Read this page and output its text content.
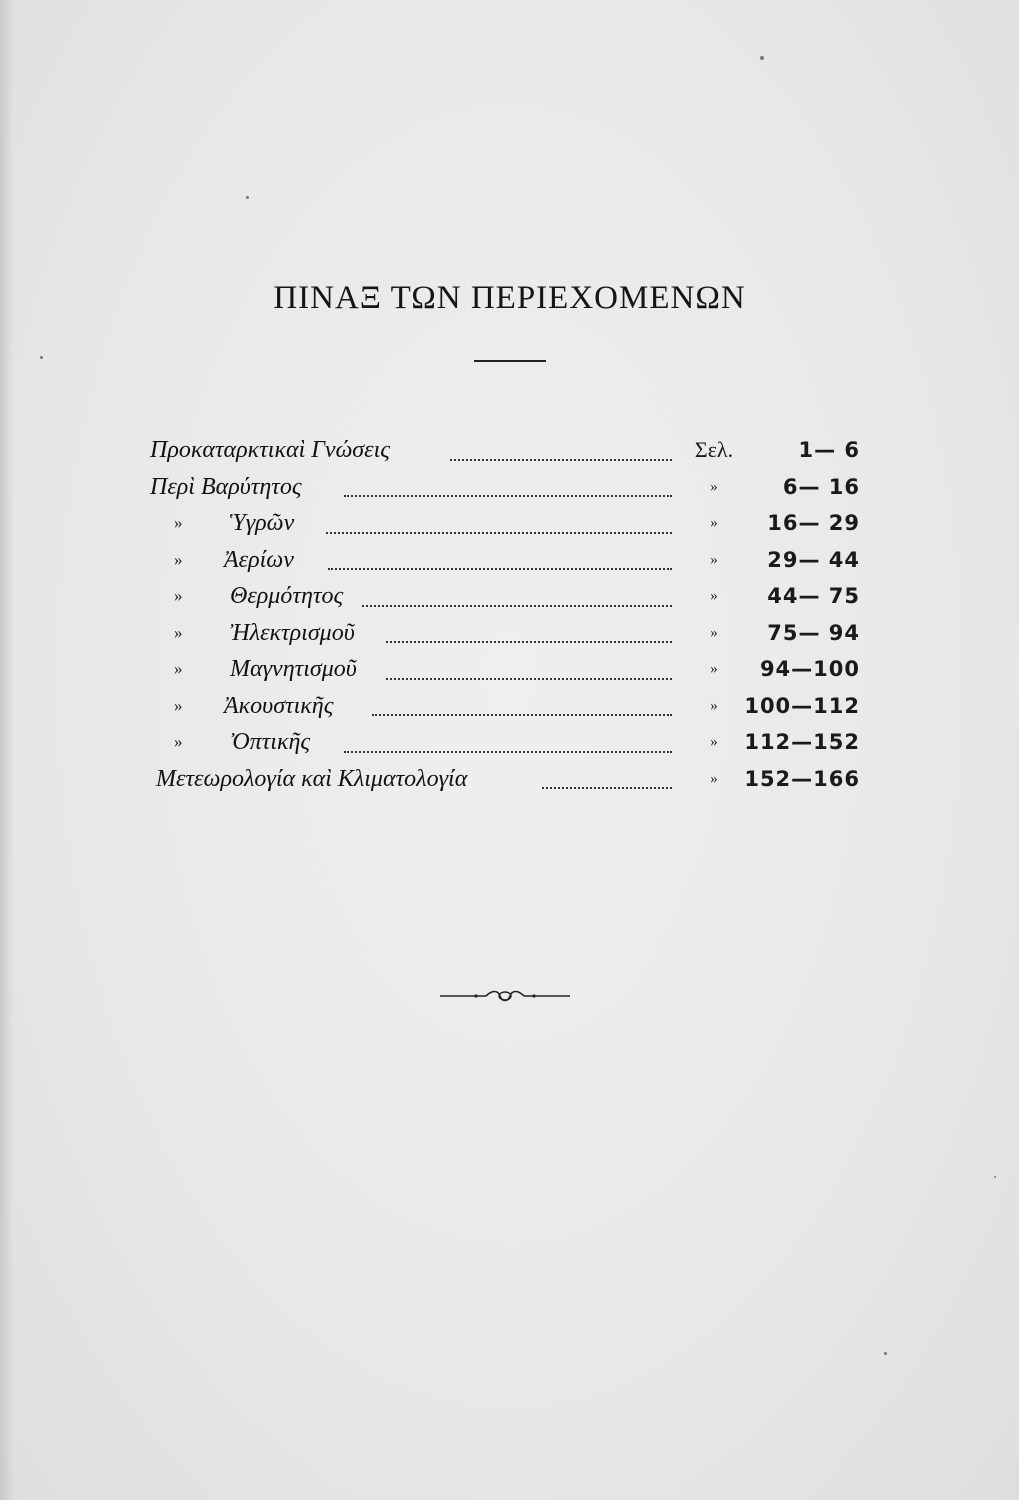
ΠΙΝΑΞ ΤΩΝ ΠΕΡΙΕΧΟΜΕΝΩΝ
Προκαταρκτικαὶ Γνώσεις	Σελ.	1— 6
Περὶ Βαρύτητος	»	6— 16
» Ὑγρῶν	»	16— 29
» Ἀερίων	»	29— 44
» Θερμότητος	»	44— 75
» Ἠλεκτρισμοῦ	»	75— 94
» Μαγνητισμοῦ	»	94—100
» Ἀκουστικῆς	»	100—112
» Ὀπτικῆς	»	112—152
Μετεωρολογία καὶ Κλιματολογία	»	152—166
